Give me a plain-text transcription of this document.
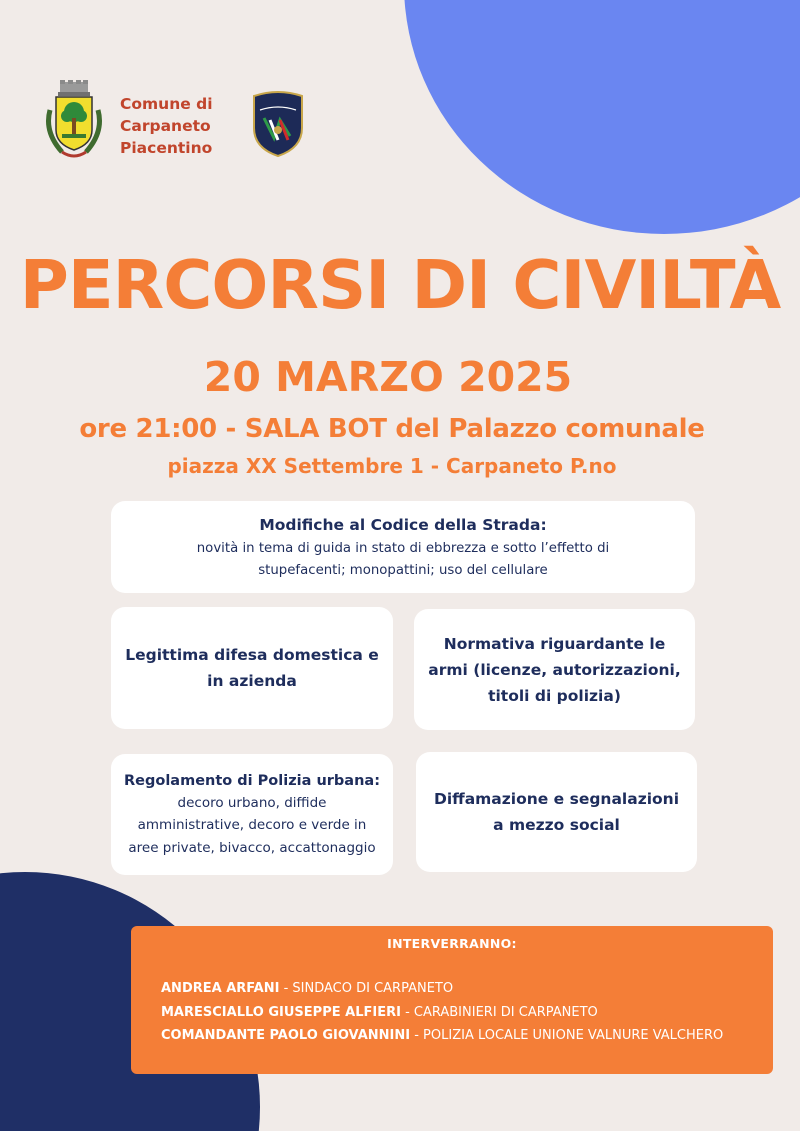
Comune di
Carpaneto
Piacentino
PERCORSI DI CIVILTÀ
20 MARZO 2025
ore 21:00 - SALA BOT del Palazzo comunale
piazza XX Settembre 1 - Carpaneto P.no
Modifiche al Codice della Strada:
novità in tema di guida in stato di ebbrezza e sotto l’effetto di
stupefacenti; monopattini; uso del cellulare
Legittima difesa domestica e
in azienda
Normativa riguardante le
armi (licenze, autorizzazioni,
titoli di polizia)
Regolamento di Polizia urbana:
decoro urbano, diffide
amministrative, decoro e verde in
aree private, bivacco, accattonaggio
Diffamazione e segnalazioni
a mezzo social
INTERVERRANNO:
ANDREA ARFANI - SINDACO DI CARPANETO
MARESCIALLO GIUSEPPE ALFIERI - CARABINIERI DI CARPANETO
COMANDANTE PAOLO GIOVANNINI - POLIZIA LOCALE UNIONE VALNURE VALCHERO
